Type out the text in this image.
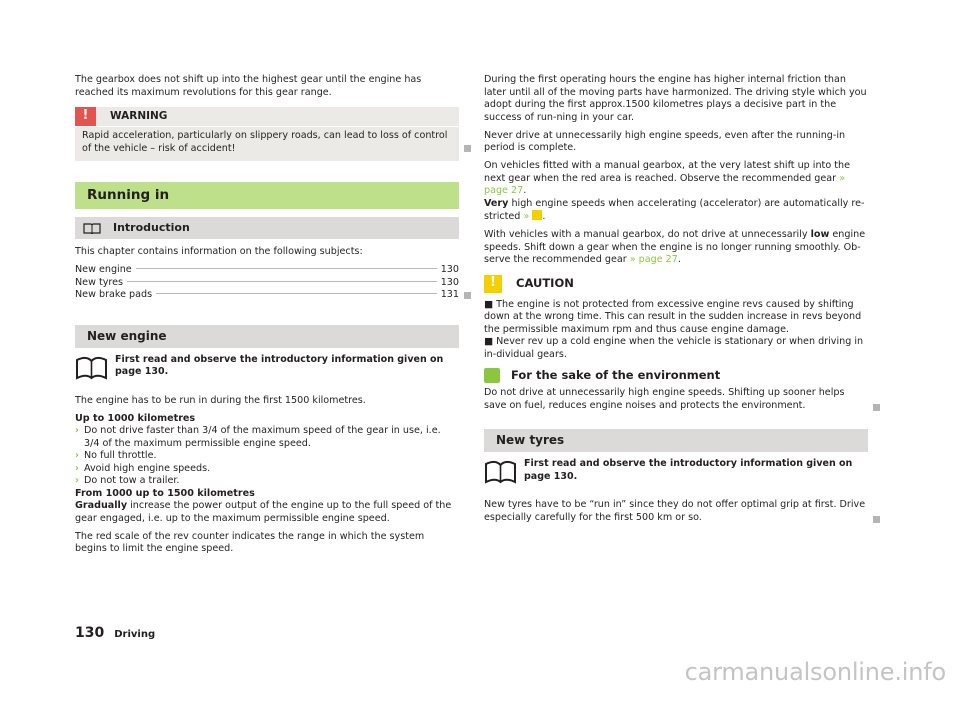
The gearbox does not shift up into the highest gear until the engine has reached its maximum revolutions for this gear range.

!	WARNING
Rapid acceleration, particularly on slippery roads, can lead to loss of control of the vehicle – risk of accident!
Running in
Introduction

This chapter contains information on the following subjects:

New engine	130
New tyres	130
New brake pads	131
New engine
First read and observe the introductory information given on page 130.

The engine has to be run in during the first 1500 kilometres.

Up to 1000 kilometres
› Do not drive faster than 3/4 of the maximum speed of the gear in use, i.e. 3/4 of the maximum permissible engine speed.
› No full throttle.
› Avoid high engine speeds.
› Do not tow a trailer.
From 1000 up to 1500 kilometres

Gradually increase the power output of the engine up to the full speed of the gear engaged, i.e. up to the maximum permissible engine speed.

The red scale of the rev counter indicates the range in which the system begins to limit the engine speed.

During the first operating hours the engine has higher internal friction than later until all of the moving parts have harmonized. The driving style which you adopt during the first approx.1500 kilometres plays a decisive part in the success of run-ning in your car.

Never drive at unnecessarily high engine speeds, even after the running-in period is complete.

On vehicles fitted with a manual gearbox, at the very latest shift up into the next gear when the red area is reached. Observe the recommended gear » page 27.
Very high engine speeds when accelerating (accelerator) are automatically re-stricted » .

With vehicles with a manual gearbox, do not drive at unnecessarily low engine speeds. Shift down a gear when the engine is no longer running smoothly. Ob-serve the recommended gear » page 27.

!	CAUTION
■ The engine is not protected from excessive engine revs caused by shifting down at the wrong time. This can result in the sudden increase in revs beyond the permissible maximum rpm and thus cause engine damage.
■ Never rev up a cold engine when the vehicle is stationary or when driving in in-dividual gears.
For the sake of the environment

Do not drive at unnecessarily high engine speeds. Shifting up sooner helps save on fuel, reduces engine noises and protects the environment.

New tyres
First read and observe the introductory information given on page 130.

New tyres have to be “run in” since they do not offer optimal grip at first. Drive especially carefully for the first 500 km or so.

130 Driving
carmanualsonline.info
